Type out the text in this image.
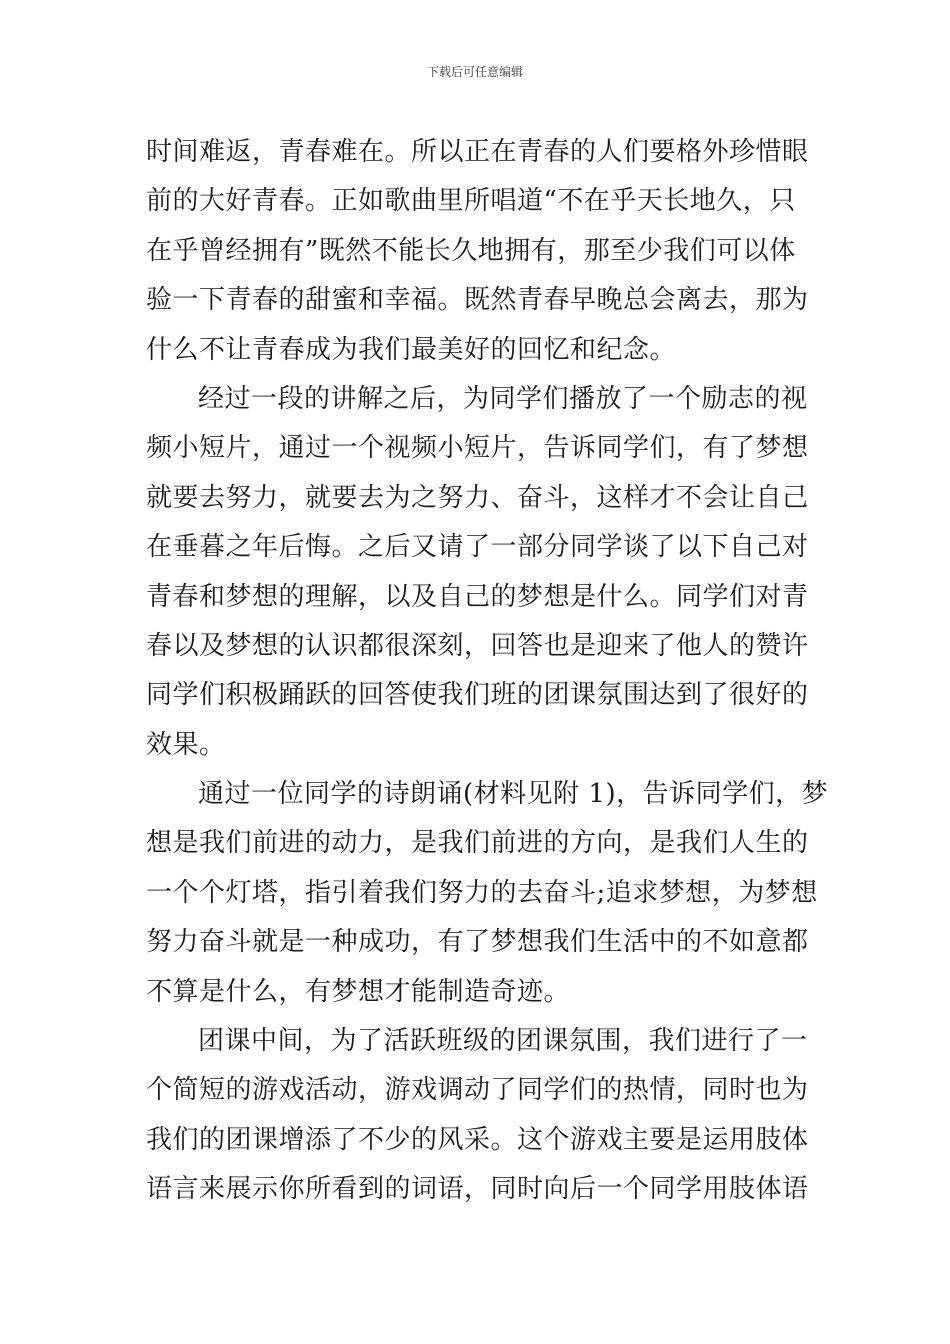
下载后可任意编辑
时间难返，青春难在。所以正在青春的人们要格外珍惜眼
前的大好青春。正如歌曲里所唱道“不在乎天长地久，只
在乎曾经拥有”既然不能长久地拥有，那至少我们可以体
验一下青春的甜蜜和幸福。既然青春早晚总会离去，那为
什么不让青春成为我们最美好的回忆和纪念。
经过一段的讲解之后，为同学们播放了一个励志的视
频小短片，通过一个视频小短片，告诉同学们，有了梦想
就要去努力，就要去为之努力、奋斗，这样才不会让自己
在垂暮之年后悔。之后又请了一部分同学谈了以下自己对
青春和梦想的理解，以及自己的梦想是什么。同学们对青
春以及梦想的认识都很深刻，回答也是迎来了他人的赞许
同学们积极踊跃的回答使我们班的团课氛围达到了很好的
效果。
通过一位同学的诗朗诵(材料见附 1)，告诉同学们，梦
想是我们前进的动力，是我们前进的方向，是我们人生的
一个个灯塔，指引着我们努力的去奋斗;追求梦想，为梦想
努力奋斗就是一种成功，有了梦想我们生活中的不如意都
不算是什么，有梦想才能制造奇迹。
团课中间，为了活跃班级的团课氛围，我们进行了一
个简短的游戏活动，游戏调动了同学们的热情，同时也为
我们的团课增添了不少的风采。这个游戏主要是运用肢体
语言来展示你所看到的词语，同时向后一个同学用肢体语
